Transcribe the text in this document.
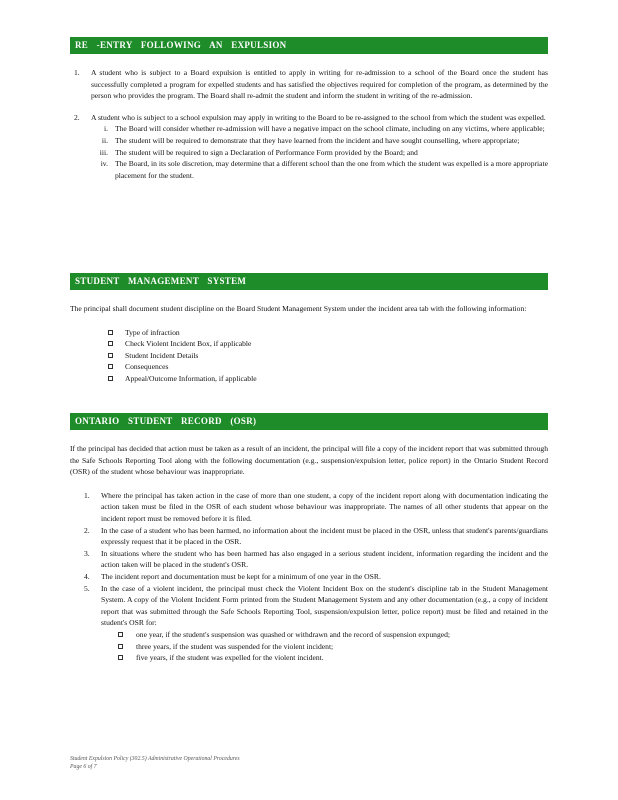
RE -ENTRY FOLLOWING AN EXPULSION
1. A student who is subject to a Board expulsion is entitled to apply in writing for re-admission to a school of the Board once the student has successfully completed a program for expelled students and has satisfied the objectives required for completion of the program, as determined by the person who provides the program. The Board shall re-admit the student and inform the student in writing of the re-admission.
2. A student who is subject to a school expulsion may apply in writing to the Board to be re-assigned to the school from which the student was expelled.
i. The Board will consider whether re-admission will have a negative impact on the school climate, including on any victims, where applicable;
ii. The student will be required to demonstrate that they have learned from the incident and have sought counselling, where appropriate;
iii. The student will be required to sign a Declaration of Performance Form provided by the Board; and
iv. The Board, in its sole discretion, may determine that a different school than the one from which the student was expelled is a more appropriate placement for the student.
STUDENT MANAGEMENT SYSTEM
The principal shall document student discipline on the Board Student Management System under the incident area tab with the following information:
Type of infraction
Check Violent Incident Box, if applicable
Student Incident Details
Consequences
Appeal/Outcome Information, if applicable
ONTARIO STUDENT RECORD (OSR)
If the principal has decided that action must be taken as a result of an incident, the principal will file a copy of the incident report that was submitted through the Safe Schools Reporting Tool along with the following documentation (e.g., suspension/expulsion letter, police report) in the Ontario Student Record (OSR) of the student whose behaviour was inappropriate.
1. Where the principal has taken action in the case of more than one student, a copy of the incident report along with documentation indicating the action taken must be filed in the OSR of each student whose behaviour was inappropriate. The names of all other students that appear on the incident report must be removed before it is filed.
2. In the case of a student who has been harmed, no information about the incident must be placed in the OSR, unless that student's parents/guardians expressly request that it be placed in the OSR.
3. In situations where the student who has been harmed has also engaged in a serious student incident, information regarding the incident and the action taken will be placed in the student's OSR.
4. The incident report and documentation must be kept for a minimum of one year in the OSR.
5. In the case of a violent incident, the principal must check the Violent Incident Box on the student's discipline tab in the Student Management System. A copy of the Violent Incident Form printed from the Student Management System and any other documentation (e.g., a copy of incident report that was submitted through the Safe Schools Reporting Tool, suspension/expulsion letter, police report) must be filed and retained in the student's OSR for:
one year, if the student's suspension was quashed or withdrawn and the record of suspension expunged;
three years, if the student was suspended for the violent incident;
five years, if the student was expelled for the violent incident.
Student Expulsion Policy (302.5) Administrative Operational Procedures
Page 6 of 7
